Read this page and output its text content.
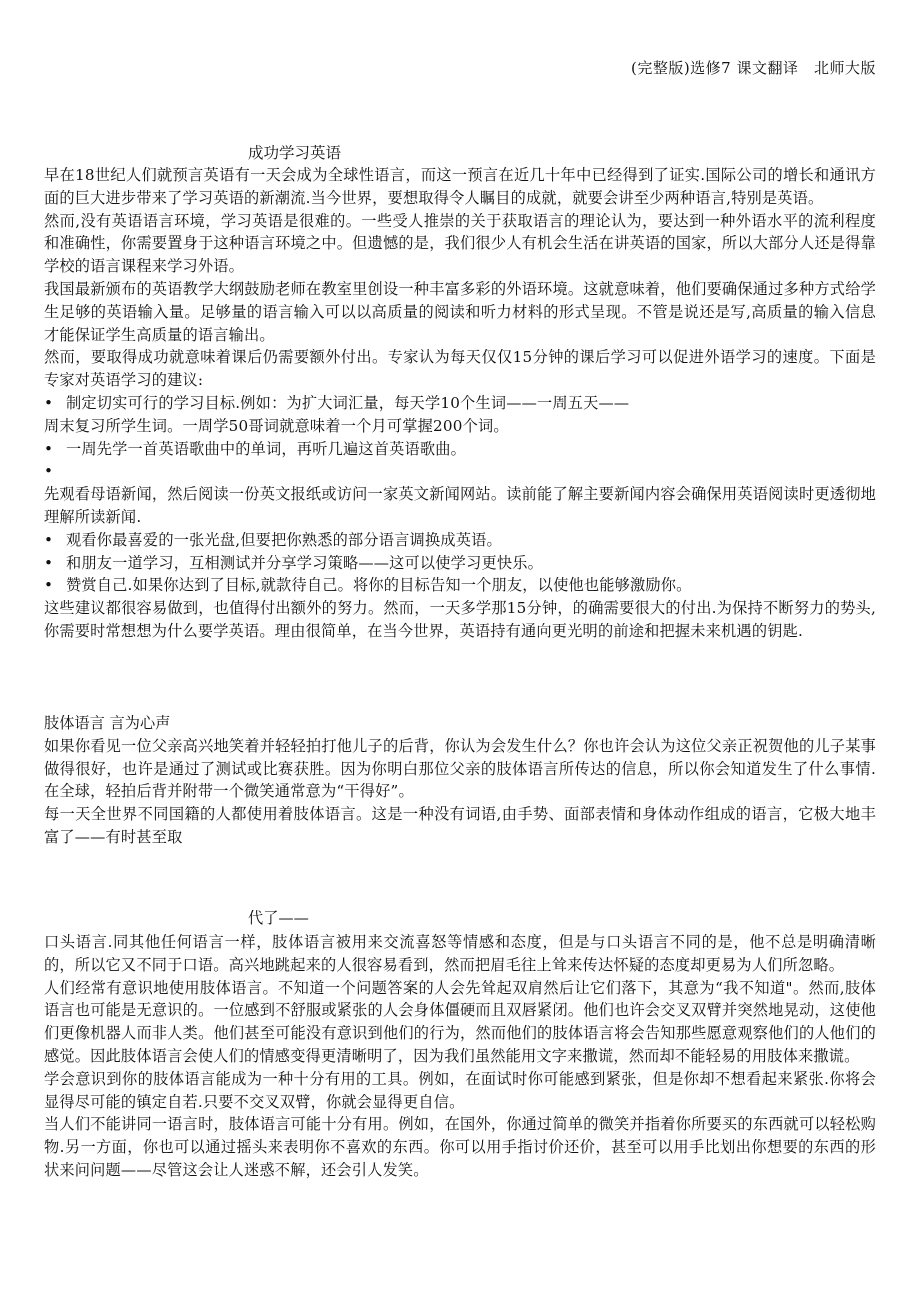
(完整版)选修7 课文翻译　北师大版
成功学习英语

早在18世纪人们就预言英语有一天会成为全球性语言，而这一预言在近几十年中已经得到了证实.国际公司的增长和通讯方面的巨大进步带来了学习英语的新潮流.当今世界，要想取得令人瞩目的成就，就要会讲至少两种语言,特别是英语。

然而,没有英语语言环境，学习英语是很难的。一些受人推崇的关于获取语言的理论认为，要达到一种外语水平的流利程度和准确性，你需要置身于这种语言环境之中。但遗憾的是，我们很少人有机会生活在讲英语的国家，所以大部分人还是得靠学校的语言课程来学习外语。

我国最新颁布的英语教学大纲鼓励老师在教室里创设一种丰富多彩的外语环境。这就意味着，他们要确保通过多种方式给学生足够的英语输入量。足够量的语言输入可以以高质量的阅读和听力材料的形式呈现。不管是说还是写,高质量的输入信息才能保证学生高质量的语言输出。

然而，要取得成功就意味着课后仍需要额外付出。专家认为每天仅仅15分钟的课后学习可以促进外语学习的速度。下面是专家对英语学习的建议:

• 制定切实可行的学习目标.例如：为扩大词汇量，每天学10个生词——一周五天——

周末复习所学生词。一周学50哥词就意味着一个月可掌握200个词。

• 一周先学一首英语歌曲中的单词，再听几遍这首英语歌曲。
•

先观看母语新闻，然后阅读一份英文报纸或访问一家英文新闻网站。读前能了解主要新闻内容会确保用英语阅读时更透彻地理解所读新闻.

• 观看你最喜爱的一张光盘,但要把你熟悉的部分语言调换成英语。
• 和朋友一道学习，互相测试并分享学习策略——这可以使学习更快乐。
• 赞赏自己.如果你达到了目标,就款待自己。将你的目标告知一个朋友，以使他也能够激励你。

这些建议都很容易做到，也值得付出额外的努力。然而，一天多学那15分钟，的确需要很大的付出.为保持不断努力的势头,你需要时常想想为什么要学英语。理由很简单，在当今世界，英语持有通向更光明的前途和把握未来机遇的钥匙.

肢体语言 言为心声

如果你看见一位父亲高兴地笑着并轻轻拍打他儿子的后背，你认为会发生什么？你也许会认为这位父亲正祝贺他的儿子某事做得很好，也许是通过了测试或比赛获胜。因为你明白那位父亲的肢体语言所传达的信息，所以你会知道发生了什么事情.在全球，轻拍后背并附带一个微笑通常意为“干得好”。

每一天全世界不同国籍的人都使用着肢体语言。这是一种没有词语,由手势、面部表情和身体动作组成的语言，它极大地丰富了——有时甚至取

代了——

口头语言.同其他任何语言一样，肢体语言被用来交流喜怒等情感和态度，但是与口头语言不同的是，他不总是明确清晰的，所以它又不同于口语。高兴地跳起来的人很容易看到，然而把眉毛往上耸来传达怀疑的态度却更易为人们所忽略。

人们经常有意识地使用肢体语言。不知道一个问题答案的人会先耸起双肩然后让它们落下，其意为“我不知道"。然而,肢体语言也可能是无意识的。一位感到不舒服或紧张的人会身体僵硬而且双唇紧闭。他们也许会交叉双臂并突然地晃动，这使他们更像机器人而非人类。他们甚至可能没有意识到他们的行为，然而他们的肢体语言将会告知那些愿意观察他们的人他们的感觉。因此肢体语言会使人们的情感变得更清晰明了，因为我们虽然能用文字来撒谎，然而却不能轻易的用肢体来撒谎。

学会意识到你的肢体语言能成为一种十分有用的工具。例如，在面试时你可能感到紧张，但是你却不想看起来紧张.你将会显得尽可能的镇定自若.只要不交叉双臂，你就会显得更自信。

当人们不能讲同一语言时，肢体语言可能十分有用。例如，在国外，你通过简单的微笑并指着你所要买的东西就可以轻松购物.另一方面，你也可以通过摇头来表明你不喜欢的东西。你可以用手指讨价还价，甚至可以用手比划出你想要的东西的形状来问问题——尽管这会让人迷惑不解，还会引人发笑。
